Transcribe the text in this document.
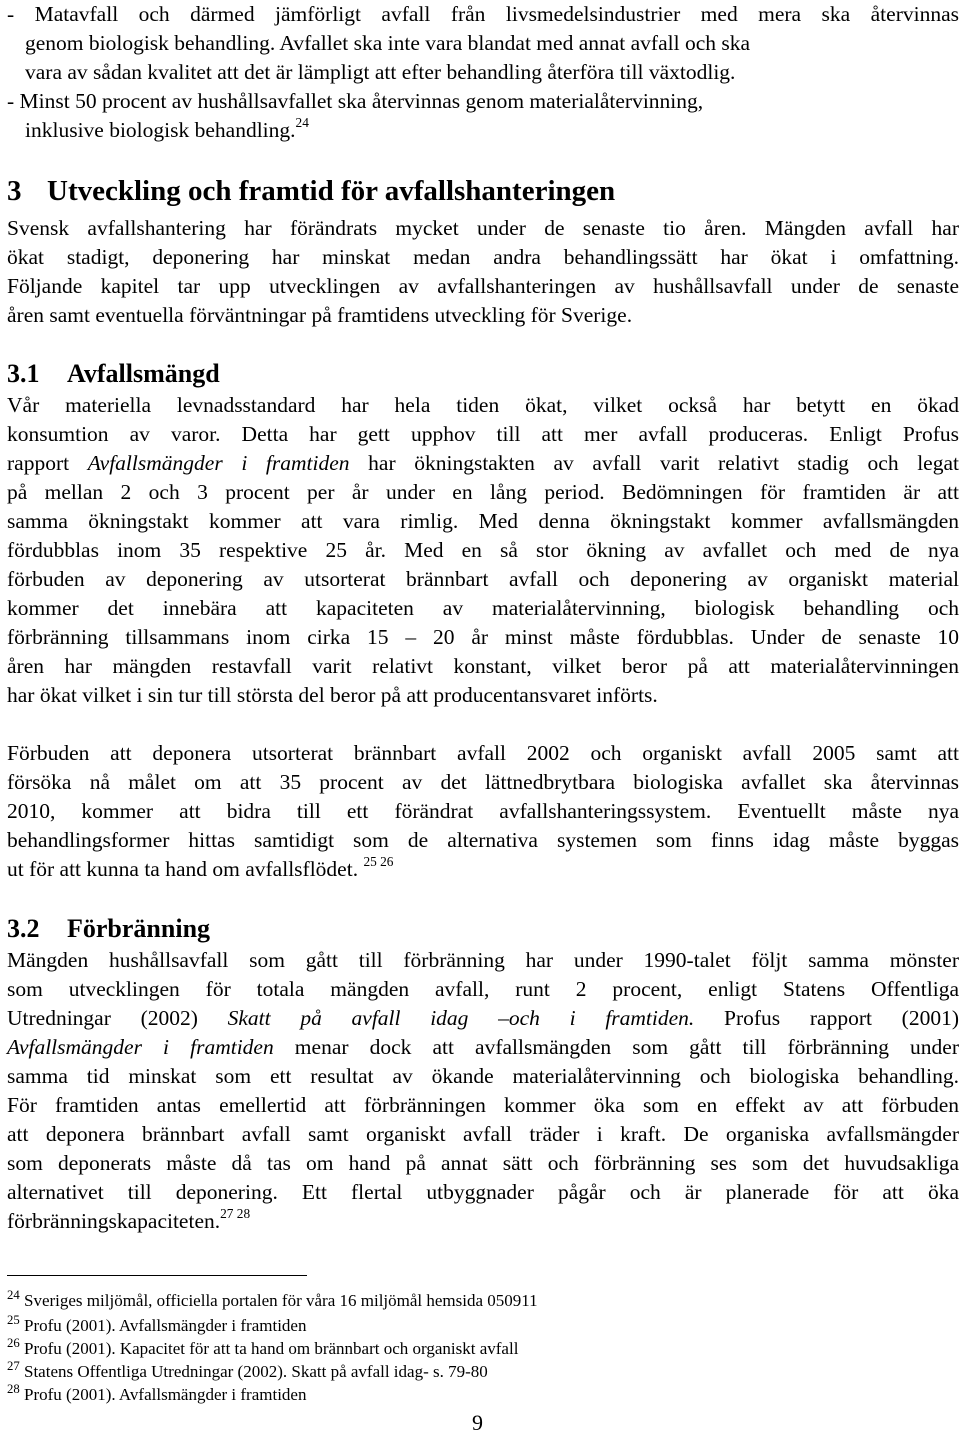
- Matavfall och därmed jämförligt avfall från livsmedelsindustrier med mera ska återvinnas
genom biologisk behandling. Avfallet ska inte vara blandat med annat avfall och ska
vara av sådan kvalitet att det är lämpligt att efter behandling återföra till växtodlig.
- Minst 50 procent av hushållsavfallet ska återvinnas genom materialåtervinning,
inklusive biologisk behandling.$^{24}$
3 Utveckling och framtid för avfallshanteringen
Svensk avfallshantering har förändrats mycket under de senaste tio åren. Mängden avfall har
ökat stadigt, deponering har minskat medan andra behandlingssätt har ökat i omfattning.
Följande kapitel tar upp utvecklingen av avfallshanteringen av hushållsavfall under de senaste
åren samt eventuella förväntningar på framtidens utveckling för Sverige.
3.1 Avfallsmängd
Vår materiella levnadsstandard har hela tiden ökat, vilket också har betytt en ökad
konsumtion av varor. Detta har gett upphov till att mer avfall produceras. Enligt Profus
rapport Avfallsmängder i framtiden har ökningstakten av avfall varit relativt stadig och legat
på mellan 2 och 3 procent per år under en lång period. Bedömningen för framtiden är att
samma ökningstakt kommer att vara rimlig. Med denna ökningstakt kommer avfallsmängden
fördubblas inom 35 respektive 25 år. Med en så stor ökning av avfallet och med de nya
förbuden av deponering av utsorterat brännbart avfall och deponering av organiskt material
kommer det innebära att kapaciteten av materialåtervinning, biologisk behandling och
förbränning tillsammans inom cirka 15 – 20 år minst måste fördubblas. Under de senaste 10
åren har mängden restavfall varit relativt konstant, vilket beror på att materialåtervinningen
har ökat vilket i sin tur till största del beror på att producentansvaret införts.
Förbuden att deponera utsorterat brännbart avfall 2002 och organiskt avfall 2005 samt att
försöka nå målet om att 35 procent av det lättnedbrytbara biologiska avfallet ska återvinnas
2010, kommer att bidra till ett förändrat avfallshanteringssystem. Eventuellt måste nya
behandlingsformer hittas samtidigt som de alternativa systemen som finns idag måste byggas
ut för att kunna ta hand om avfallsflödet. $^{25 26}$
3.2 Förbränning
Mängden hushållsavfall som gått till förbränning har under 1990-talet följt samma mönster
som utvecklingen för totala mängden avfall, runt 2 procent, enligt Statens Offentliga
Utredningar (2002) Skatt på avfall idag –och i framtiden. Profus rapport (2001)
Avfallsmängder i framtiden menar dock att avfallsmängden som gått till förbränning under
samma tid minskat som ett resultat av ökande materialåtervinning och biologiska behandling.
För framtiden antas emellertid att förbränningen kommer öka som en effekt av att förbuden
att deponera brännbart avfall samt organiskt avfall träder i kraft. De organiska avfallsmängder
som deponerats måste då tas om hand på annat sätt och förbränning ses som det huvudsakliga
alternativet till deponering. Ett flertal utbyggnader pågår och är planerade för att öka
förbränningskapaciteten.$^{27 28}$
$^{24}$ Sveriges miljömål, officiella portalen för våra 16 miljömål hemsida 050911
$^{25}$ Profu (2001). Avfallsmängder i framtiden
$^{26}$ Profu (2001). Kapacitet för att ta hand om brännbart och organiskt avfall
$^{27}$ Statens Offentliga Utredningar (2002). Skatt på avfall idag- s. 79-80
$^{28}$ Profu (2001). Avfallsmängder i framtiden
9
